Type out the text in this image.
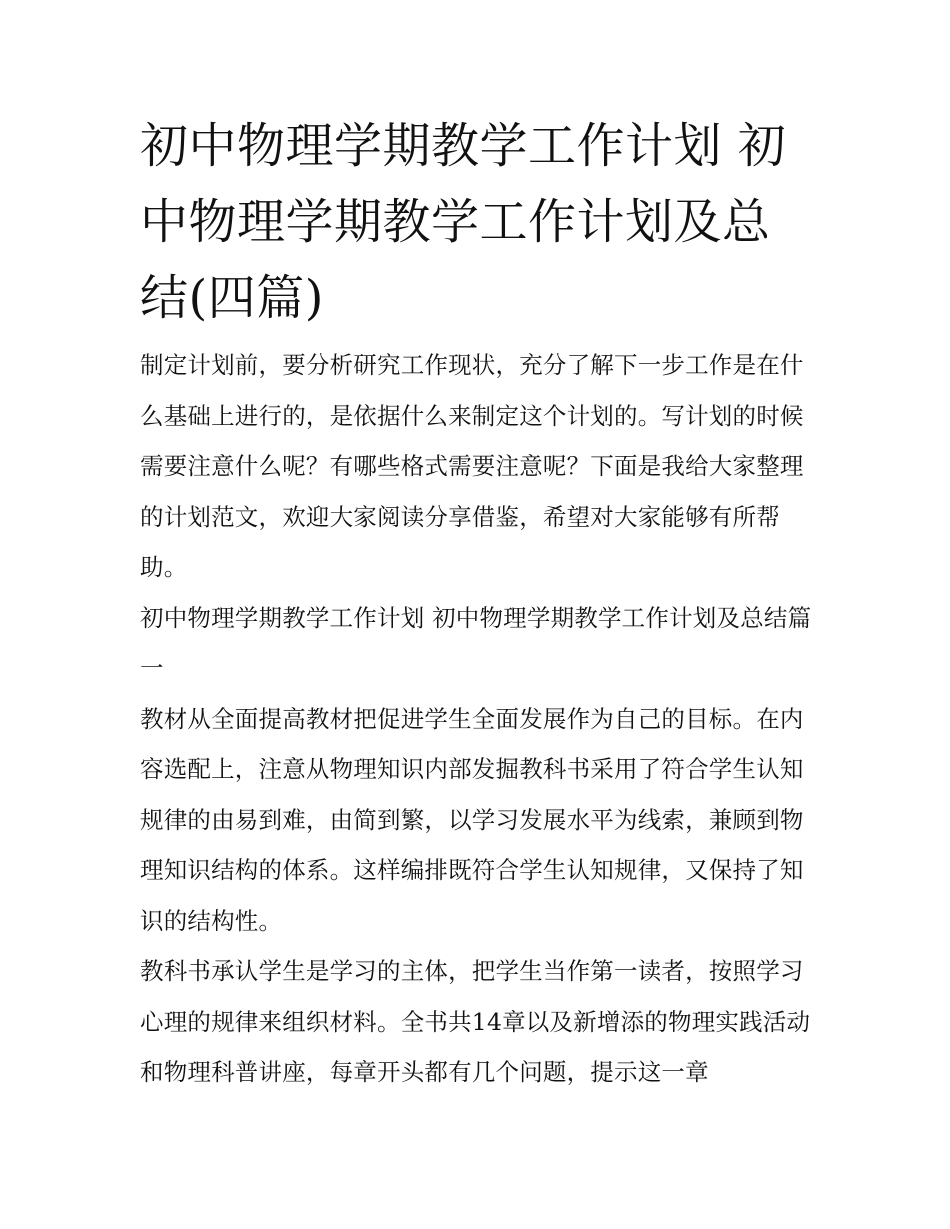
初中物理学期教学工作计划 初中物理学期教学工作计划及总结(四篇)

制定计划前，要分析研究工作现状，充分了解下一步工作是在什么基础上进行的，是依据什么来制定这个计划的。写计划的时候需要注意什么呢？有哪些格式需要注意呢？下面是我给大家整理的计划范文，欢迎大家阅读分享借鉴，希望对大家能够有所帮助。

初中物理学期教学工作计划 初中物理学期教学工作计划及总结篇一

教材从全面提高教材把促进学生全面发展作为自己的目标。在内容选配上，注意从物理知识内部发掘教科书采用了符合学生认知规律的由易到难，由简到繁，以学习发展水平为线索，兼顾到物理知识结构的体系。这样编排既符合学生认知规律，又保持了知识的结构性。

教科书承认学生是学习的主体，把学生当作第一读者，按照学习心理的规律来组织材料。全书共14章以及新增添的物理实践活动和物理科普讲座，每章开头都有几个问题，提示这一章
